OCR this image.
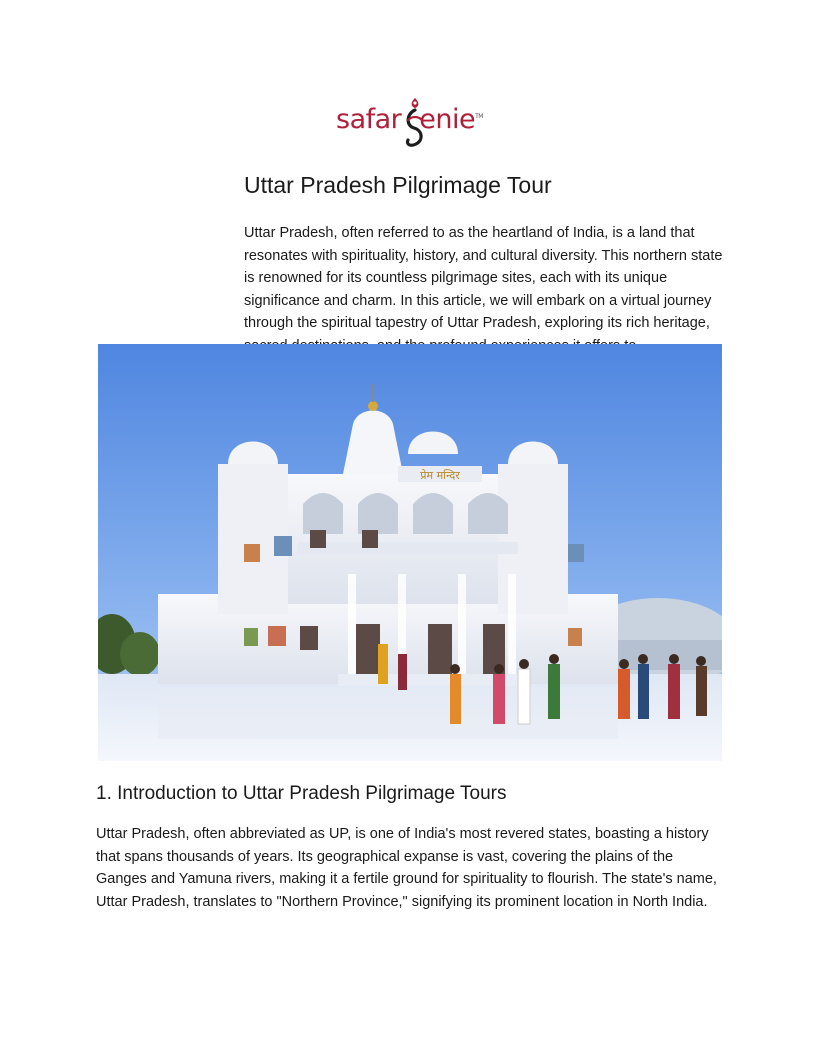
safar enie™
Uttar Pradesh Pilgrimage Tour

Uttar Pradesh, often referred to as the heartland of India, is a land that resonates with spirituality, history, and cultural diversity. This northern state is renowned for its countless pilgrimage sites, each with its unique significance and charm. In this article, we will embark on a virtual journey through the spiritual tapestry of Uttar Pradesh, exploring its rich heritage,

प्रेम मन्दिर
1. Introduction to Uttar Pradesh Pilgrimage Tours

Uttar Pradesh, often abbreviated as UP, is one of India's most revered states, boasting a history that spans thousands of years. Its geographical expanse is vast, covering the plains of the Ganges and Yamuna rivers, making it a fertile ground for spirituality to flourish. The state's name, Uttar Pradesh, translates to "Northern Province," signifying its prominent location in North India.
